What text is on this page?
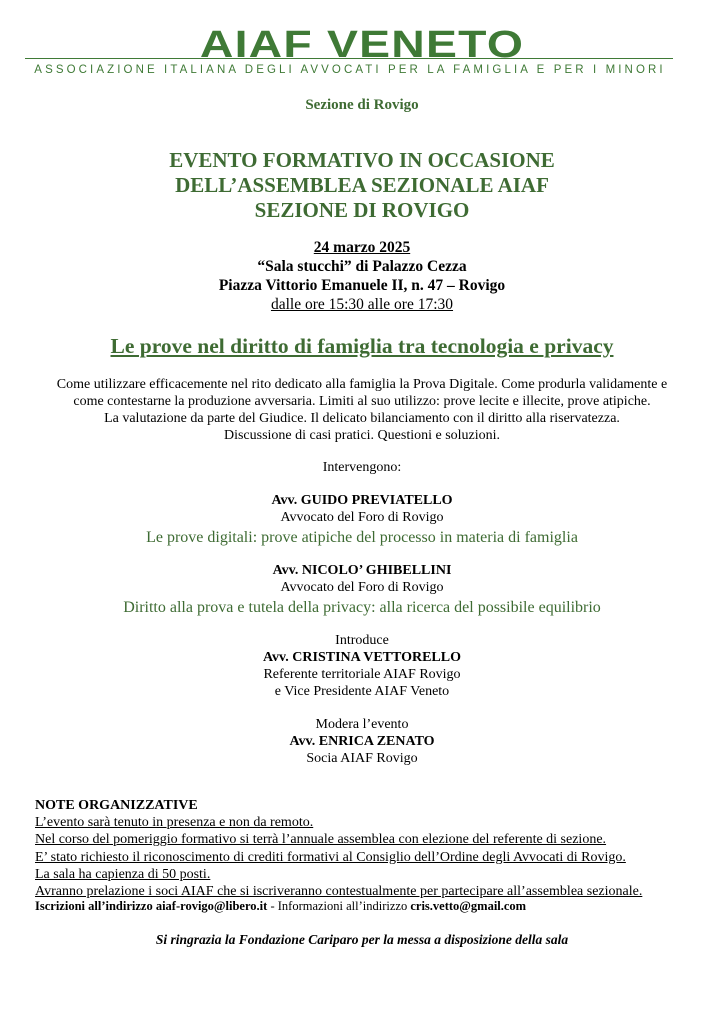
AIAF VENETO
ASSOCIAZIONE ITALIANA DEGLI AVVOCATI PER LA FAMIGLIA E PER I MINORI
Sezione di Rovigo
EVENTO FORMATIVO IN OCCASIONE
DELL’ASSEMBLEA SEZIONALE AIAF
SEZIONE DI ROVIGO
24 marzo 2025
“Sala stucchi” di Palazzo Cezza
Piazza Vittorio Emanuele II, n. 47 – Rovigo
dalle ore 15:30 alle ore 17:30
Le prove nel diritto di famiglia tra tecnologia e privacy
Come utilizzare efficacemente nel rito dedicato alla famiglia la Prova Digitale. Come produrla validamente e
come contestarne la produzione avversaria. Limiti al suo utilizzo: prove lecite e illecite, prove atipiche.
La valutazione da parte del Giudice. Il delicato bilanciamento con il diritto alla riservatezza.
Discussione di casi pratici. Questioni e soluzioni.
Intervengono:
Avv. GUIDO PREVIATELLO
Avvocato del Foro di Rovigo
Le prove digitali: prove atipiche del processo in materia di famiglia
Avv. NICOLO’ GHIBELLINI
Avvocato del Foro di Rovigo
Diritto alla prova e tutela della privacy: alla ricerca del possibile equilibrio
Introduce
Avv. CRISTINA VETTORELLO
Referente territoriale AIAF Rovigo
e Vice Presidente AIAF Veneto
Modera l’evento
Avv. ENRICA ZENATO
Socia AIAF Rovigo
NOTE ORGANIZZATIVE
L’evento sarà tenuto in presenza e non da remoto.
Nel corso del pomeriggio formativo si terrà l’annuale assemblea con elezione del referente di sezione.
E’ stato richiesto il riconoscimento di crediti formativi al Consiglio dell’Ordine degli Avvocati di Rovigo.
La sala ha capienza di 50 posti.
Avranno prelazione i soci AIAF che si iscriveranno contestualmente per partecipare all’assemblea sezionale.
Iscrizioni all’indirizzo aiaf-rovigo@libero.it - Informazioni all’indirizzo cris.vetto@gmail.com
Si ringrazia la Fondazione Cariparo per la messa a disposizione della sala
